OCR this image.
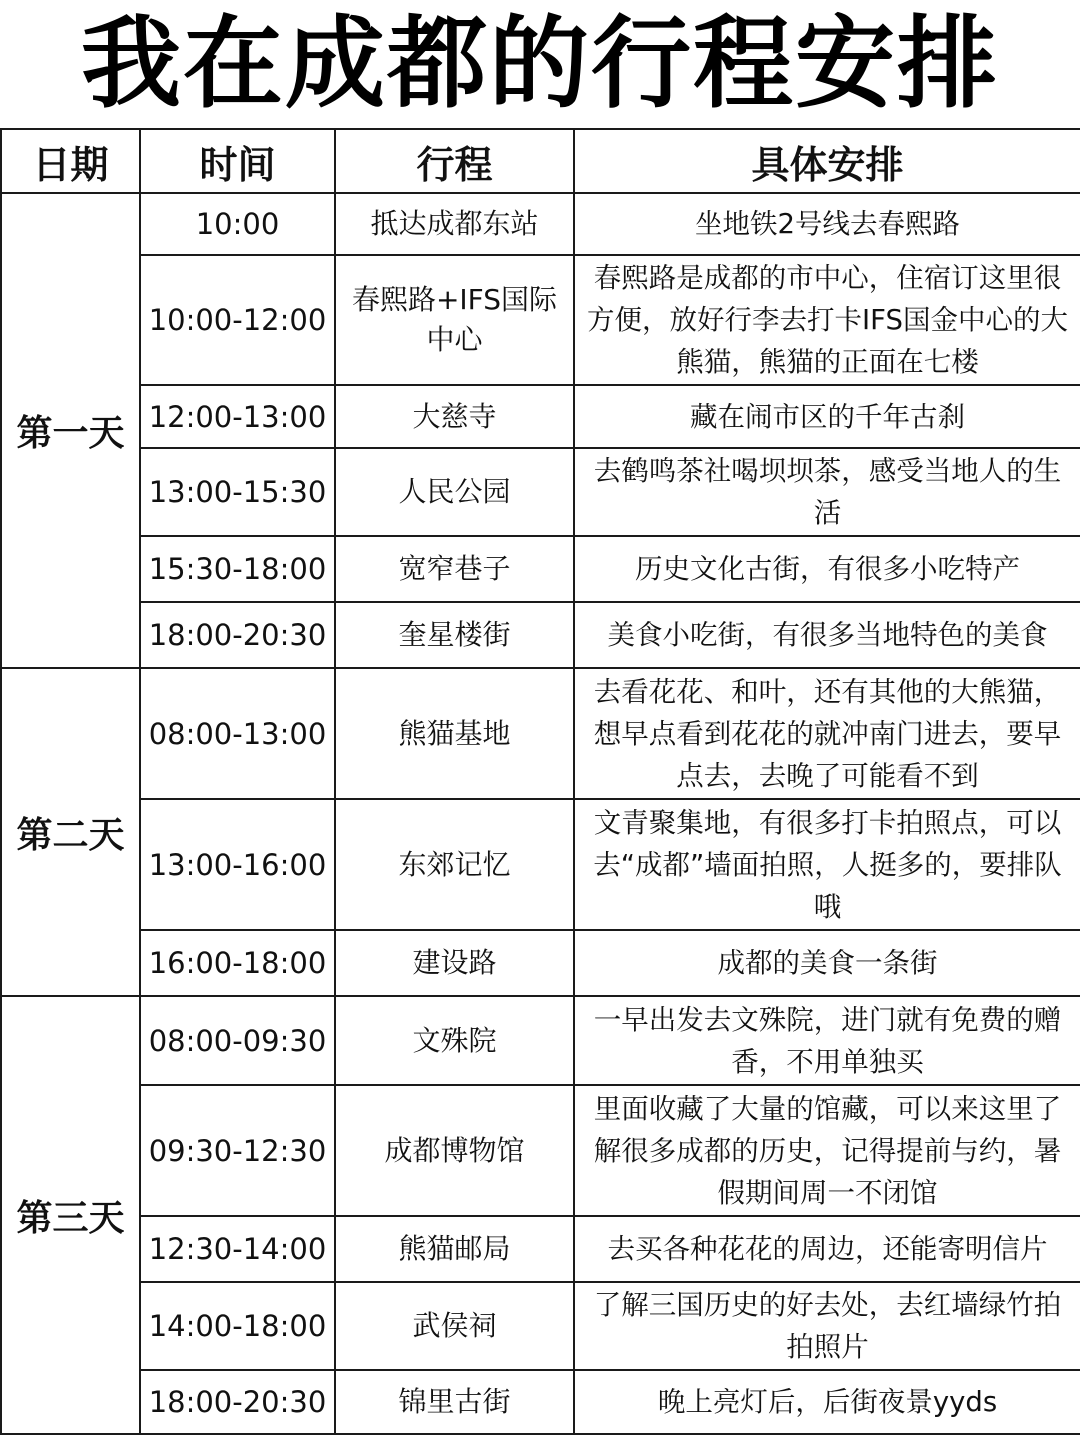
我在成都的行程安排
日期	时间	行程	具体安排
第一天	10:00	抵达成都东站	坐地铁2号线去春熙路
	10:00-12:00	春熙路+IFS国际中心	春熙路是成都的市中心，住宿订这里很方便，放好行李去打卡IFS国金中心的大熊猫，熊猫的正面在七楼
	12:00-13:00	大慈寺	藏在闹市区的千年古刹
	13:00-15:30	人民公园	去鹤鸣茶社喝坝坝茶，感受当地人的生活
	15:30-18:00	宽窄巷子	历史文化古街，有很多小吃特产
	18:00-20:30	奎星楼街	美食小吃街，有很多当地特色的美食
第二天	08:00-13:00	熊猫基地	去看花花、和叶，还有其他的大熊猫，想早点看到花花的就冲南门进去，要早点去，去晚了可能看不到
	13:00-16:00	东郊记忆	文青聚集地，有很多打卡拍照点，可以去“成都”墙面拍照，人挺多的，要排队哦
	16:00-18:00	建设路	成都的美食一条街
第三天	08:00-09:30	文殊院	一早出发去文殊院，进门就有免费的赠香，不用单独买
	09:30-12:30	成都博物馆	里面收藏了大量的馆藏，可以来这里了解很多成都的历史，记得提前与约，暑假期间周一不闭馆
	12:30-14:00	熊猫邮局	去买各种花花的周边，还能寄明信片
	14:00-18:00	武侯祠	了解三国历史的好去处，去红墙绿竹拍拍照片
	18:00-20:30	锦里古街	晚上亮灯后，后街夜景yyds
